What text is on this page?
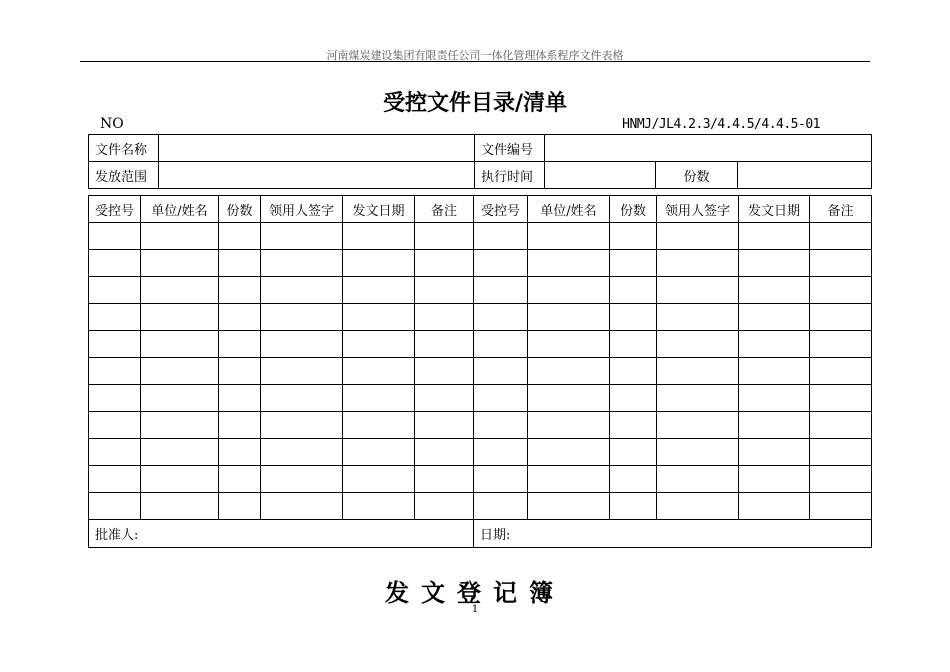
河南煤炭建设集团有限责任公司一体化管理体系程序文件表格
受控文件目录/清单
NO	HNMJ/JL4.2.3/4.4.5/4.4.5-01
文件名称		文件编号			
发放范围		执行时间		份数	
受控号	单位/姓名	份数	领用人签字	发文日期	备注	受控号	单位/姓名	份数	领用人签字	发文日期	备注

批准人:						日期:					
发文登记簿
1
